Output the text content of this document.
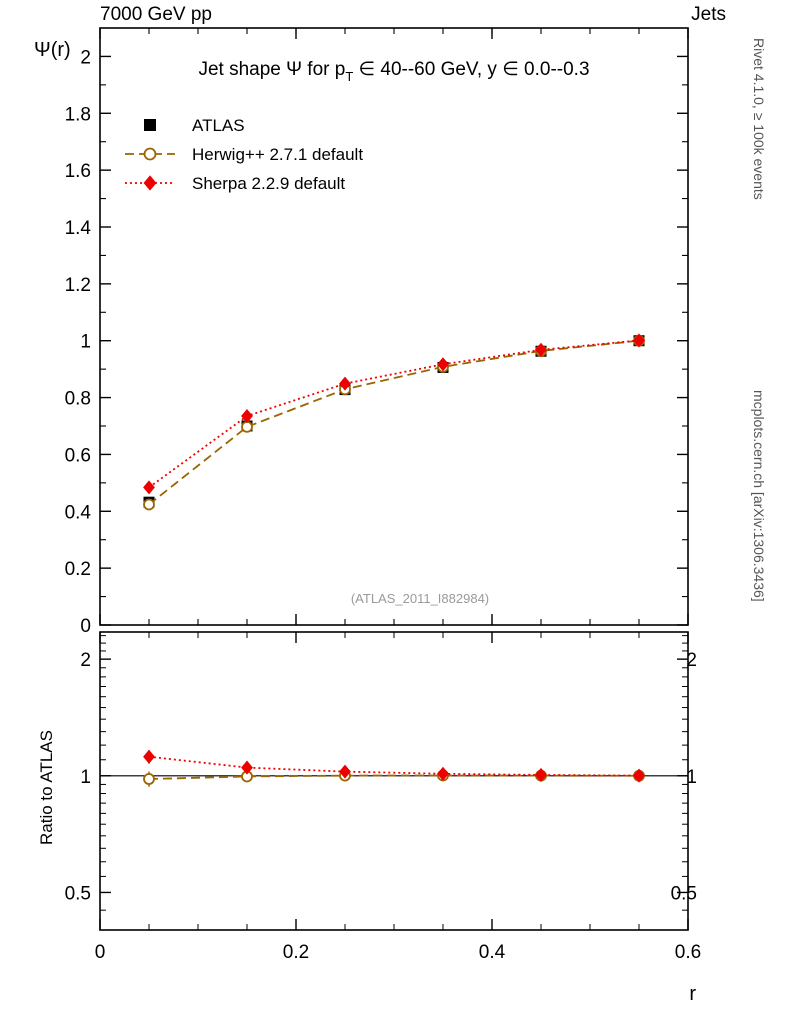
7000 GeV pp	Jets
Rivet 4.1.0, ≥ 100k events
mcplots.cern.ch [arXiv:1306.3436]
0
0.2
0.4
0.6
0.8
1
1.2
1.4
1.6
1.8
2
Ψ(r)
Jet shape Ψ for $p_T$ ∈ 40--60 GeV, y ∈ 0.0--0.3
(ATLAS_2011_I882984)
ATLAS
Herwig++ 2.7.1 default
Sherpa 2.2.9 default
0.5	0.5
1	1
2	2
0	0.2	0.4	0.6
Ratio to ATLAS
r
